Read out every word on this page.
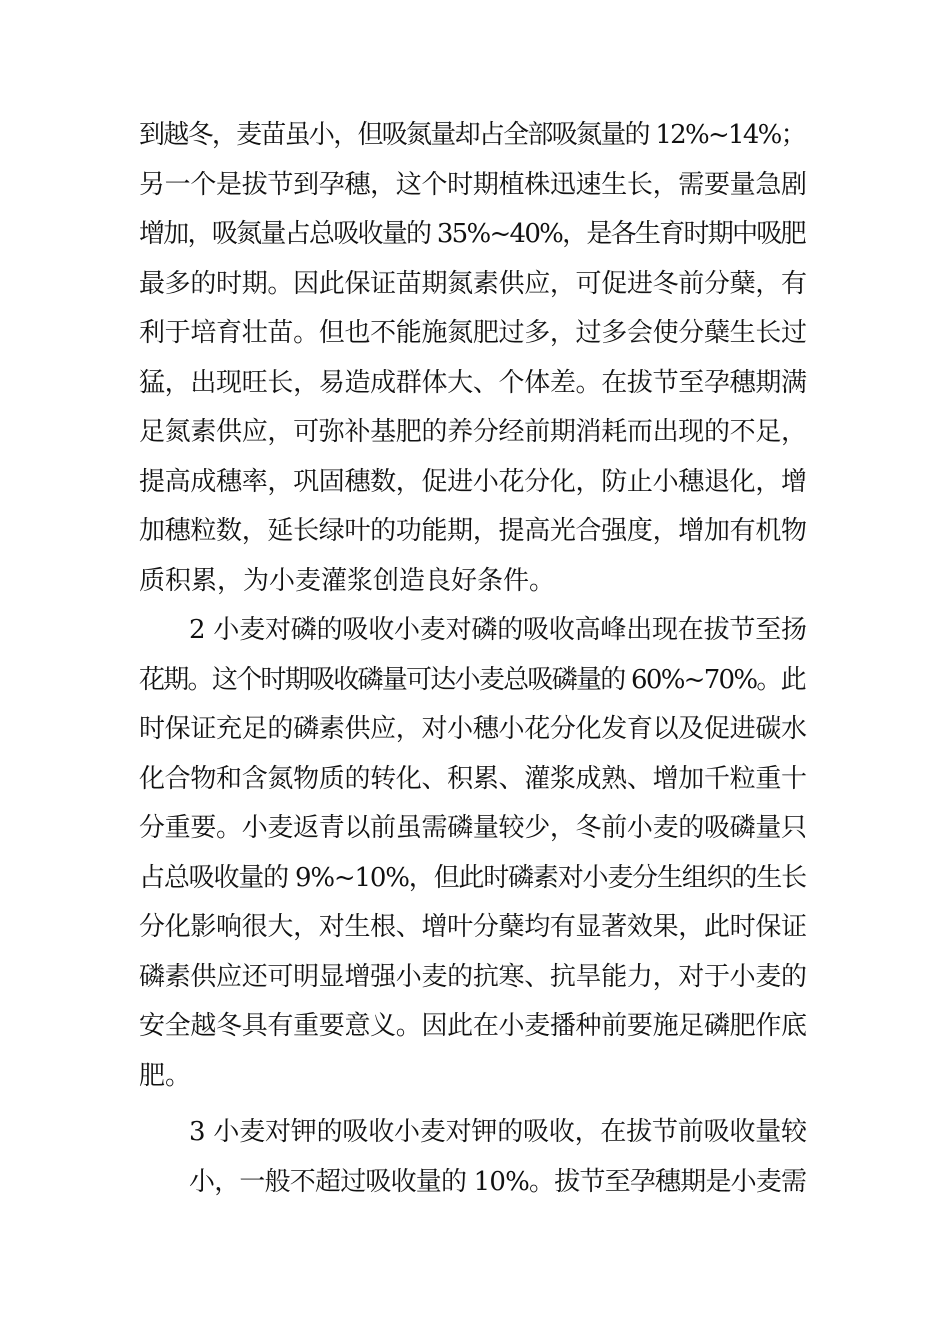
到越冬，麦苗虽小，但吸氮量却占全部吸氮量的 12%~14%；
另一个是拔节到孕穗，这个时期植株迅速生长，需要量急剧
增加，吸氮量占总吸收量的 35%~40%，是各生育时期中吸肥
最多的时期。因此保证苗期氮素供应，可促进冬前分蘖，有
利于培育壮苗。但也不能施氮肥过多，过多会使分蘖生长过
猛，出现旺长，易造成群体大、个体差。在拔节至孕穗期满
足氮素供应，可弥补基肥的养分经前期消耗而出现的不足，
提高成穗率，巩固穗数，促进小花分化，防止小穗退化，增
加穗粒数，延长绿叶的功能期，提高光合强度，增加有机物
质积累，为小麦灌浆创造良好条件。
2 小麦对磷的吸收小麦对磷的吸收高峰出现在拔节至扬
花期。这个时期吸收磷量可达小麦总吸磷量的 60%~70%。此
时保证充足的磷素供应，对小穗小花分化发育以及促进碳水
化合物和含氮物质的转化、积累、灌浆成熟、增加千粒重十
分重要。小麦返青以前虽需磷量较少，冬前小麦的吸磷量只
占总吸收量的 9%~10%，但此时磷素对小麦分生组织的生长
分化影响很大，对生根、增叶分蘖均有显著效果，此时保证
磷素供应还可明显增强小麦的抗寒、抗旱能力，对于小麦的
安全越冬具有重要意义。因此在小麦播种前要施足磷肥作底
肥。
3 小麦对钾的吸收小麦对钾的吸收，在拔节前吸收量较
小，一般不超过吸收量的 10%。拔节至孕穗期是小麦需
